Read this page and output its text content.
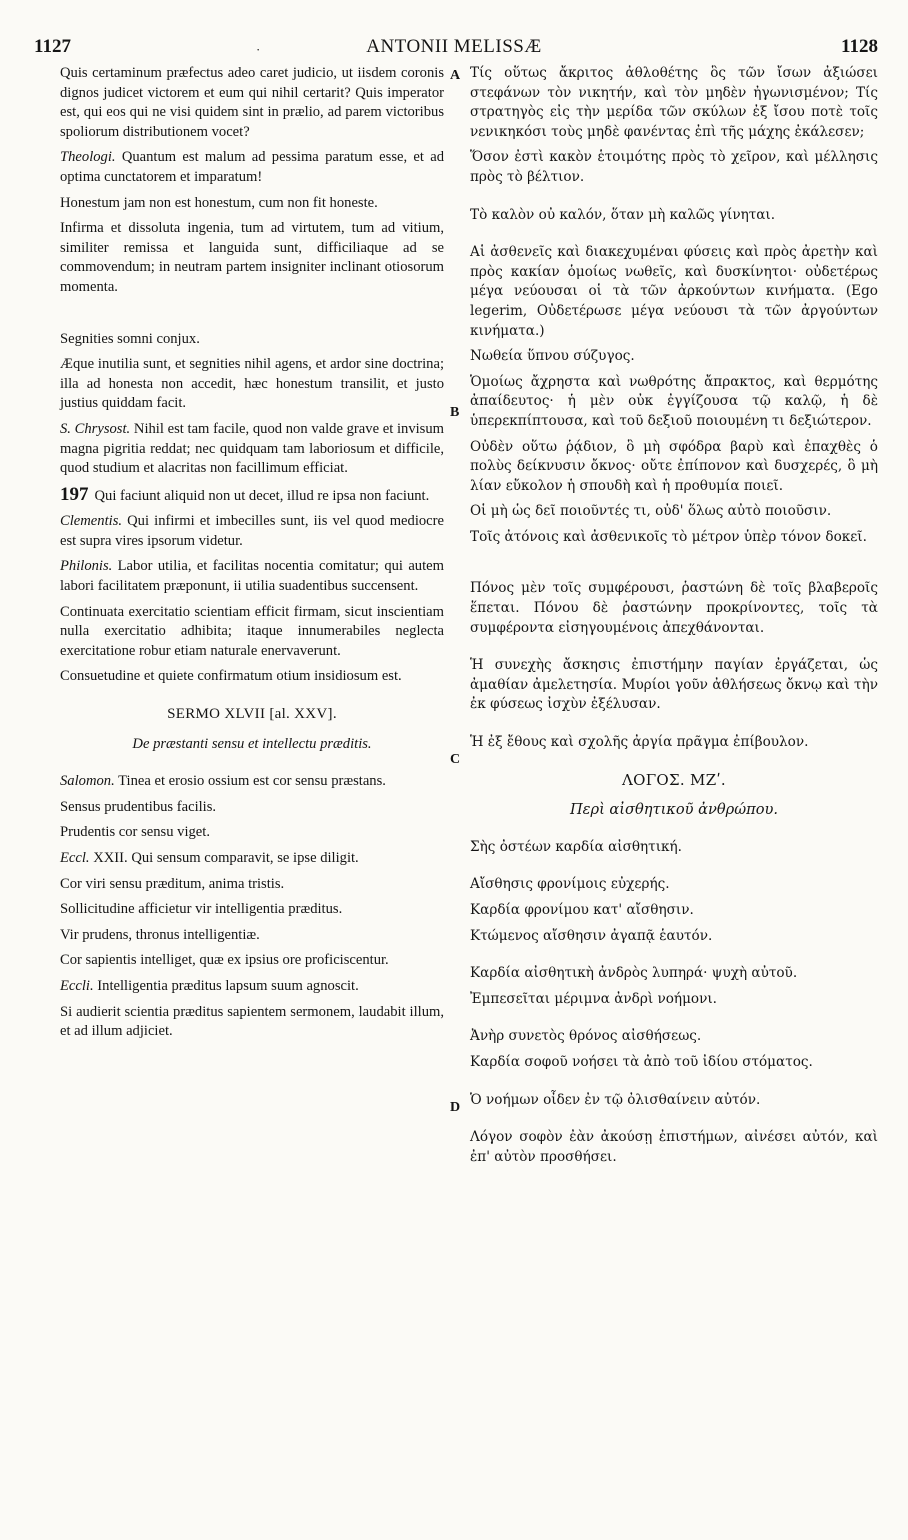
1127	·	ANTONII MELISSÆ	1128
A
B
C
D

Quis certaminum præfectus adeo caret judicio, ut iisdem coronis dignos judicet victorem et eum qui nihil certarit? Quis imperator est, qui eos qui ne visi quidem sint in prælio, ad parem victoribus spoliorum distributionem vocet?

Theologi. Quantum est malum ad pessima paratum esse, et ad optima cunctatorem et imparatum!

Honestum jam non est honestum, cum non fit honeste.

Infirma et dissoluta ingenia, tum ad virtutem, tum ad vitium, similiter remissa et languida sunt, difficiliaque ad se commovendum; in neutram partem insigniter inclinant otiosorum momenta.

Segnities somni conjux.

Æque inutilia sunt, et segnities nihil agens, et ardor sine doctrina; illa ad honesta non accedit, hæc honestum transilit, et justo justius quiddam facit.

S. Chrysost. Nihil est tam facile, quod non valde grave et invisum magna pigritia reddat; nec quidquam tam laboriosum et difficile, quod studium et alacritas non facillimum efficiat.

197 Qui faciunt aliquid non ut decet, illud re ipsa non faciunt.

Clementis. Qui infirmi et imbecilles sunt, iis vel quod mediocre est supra vires ipsorum videtur.

Philonis. Labor utilia, et facilitas nocentia comitatur; qui autem labori facilitatem præponunt, ii utilia suadentibus succensent.

Continuata exercitatio scientiam efficit firmam, sicut inscientiam nulla exercitatio adhibita; itaque innumerabiles neglecta exercitatione robur etiam naturale enervaverunt.

Consuetudine et quiete confirmatum otium insidiosum est.

SERMO XLVII [al. XXV].
De præstanti sensu et intellectu præditis.

Salomon. Tinea et erosio ossium est cor sensu præstans.

Sensus prudentibus facilis.

Prudentis cor sensu viget.

Eccl. XXII. Qui sensum comparavit, se ipse diligit.

Cor viri sensu præditum, anima tristis.

Sollicitudine afficietur vir intelligentia præditus.

Vir prudens, thronus intelligentiæ.

Cor sapientis intelliget, quæ ex ipsius ore proficiscentur.

Eccli. Intelligentia præditus lapsum suum agnoscit.

Si audierit scientia præditus sapientem sermonem, laudabit illum, et ad illum adjiciet.

Τίς οὕτως ἄκριτος ἀθλοθέτης ὃς τῶν ἴσων ἀξιώσει στεφάνων τὸν νικητήν, καὶ τὸν μηδὲν ἠγωνισμένον; Τίς στρατηγὸς εἰς τὴν μερίδα τῶν σκύλων ἐξ ἴσου ποτὲ τοῖς νενικηκόσι τοὺς μηδὲ φανέντας ἐπὶ τῆς μάχης ἐκάλεσεν;

Ὅσον ἐστὶ κακὸν ἑτοιμότης πρὸς τὸ χεῖρον, καὶ μέλλησις πρὸς τὸ βέλτιον.

Τὸ καλὸν οὐ καλόν, ὅταν μὴ καλῶς γίνηται.

Αἱ ἀσθενεῖς καὶ διακεχυμέναι φύσεις καὶ πρὸς ἀρετὴν καὶ πρὸς κακίαν ὁμοίως νωθεῖς, καὶ δυσκίνητοι· οὐδετέρως μέγα νεύουσαι οἱ τὰ τῶν ἀρκούντων κινήματα. (Ego legerim, Οὐδετέρωσε μέγα νεύουσι τὰ τῶν ἀργούντων κινήματα.)

Νωθεία ὕπνου σύζυγος.

Ὁμοίως ἄχρηστα καὶ νωθρότης ἄπρακτος, καὶ θερμότης ἀπαίδευτος· ἡ μὲν οὐκ ἐγγίζουσα τῷ καλῷ, ἡ δὲ ὑπερεκπίπτουσα, καὶ τοῦ δεξιοῦ ποιουμένη τι δεξιώτερον.

Οὐδὲν οὕτω ῥᾴδιον, ὃ μὴ σφόδρα βαρὺ καὶ ἐπαχθὲς ὁ πολὺς δείκνυσιν ὄκνος· οὔτε ἐπίπονον καὶ δυσχερές, ὃ μὴ λίαν εὔκολον ἡ σπουδὴ καὶ ἡ προθυμία ποιεῖ.

Οἱ μὴ ὡς δεῖ ποιοῦντές τι, οὐδ' ὅλως αὐτὸ ποιοῦσιν.

Τοῖς ἀτόνοις καὶ ἀσθενικοῖς τὸ μέτρον ὑπὲρ τόνον δοκεῖ.

Πόνος μὲν τοῖς συμφέρουσι, ῥαστώνη δὲ τοῖς βλαβεροῖς ἕπεται. Πόνου δὲ ῥαστώνην προκρίνοντες, τοῖς τὰ συμφέροντα εἰσηγουμένοις ἀπεχθάνονται.

Ἡ συνεχὴς ἄσκησις ἐπιστήμην παγίαν ἐργάζεται, ὡς ἀμαθίαν ἀμελετησία. Μυρίοι γοῦν ἀθλήσεως ὄκνῳ καὶ τὴν ἐκ φύσεως ἰσχὺν ἐξέλυσαν.

Ἡ ἐξ ἔθους καὶ σχολῆς ἀργία πρᾶγμα ἐπίβουλον.

ΛΟΓΟΣ. ΜΖʹ.
Περὶ αἰσθητικοῦ ἀνθρώπου.

Σὴς ὀστέων καρδία αἰσθητική.

Αἴσθησις φρονίμοις εὐχερής.

Καρδία φρονίμου κατ' αἴσθησιν.

Κτώμενος αἴσθησιν ἀγαπᾷ ἑαυτόν.

Καρδία αἰσθητικὴ ἀνδρὸς λυπηρά· ψυχὴ αὐτοῦ.

Ἐμπεσεῖται μέριμνα ἀνδρὶ νοήμονι.

Ἀνὴρ συνετὸς θρόνος αἰσθήσεως.

Καρδία σοφοῦ νοήσει τὰ ἀπὸ τοῦ ἰδίου στόματος.

Ὁ νοήμων οἶδεν ἐν τῷ ὀλισθαίνειν αὐτόν.

Λόγον σοφὸν ἐὰν ἀκούσῃ ἐπιστήμων, αἰνέσει αὐτόν, καὶ ἐπ' αὐτὸν προσθήσει.
